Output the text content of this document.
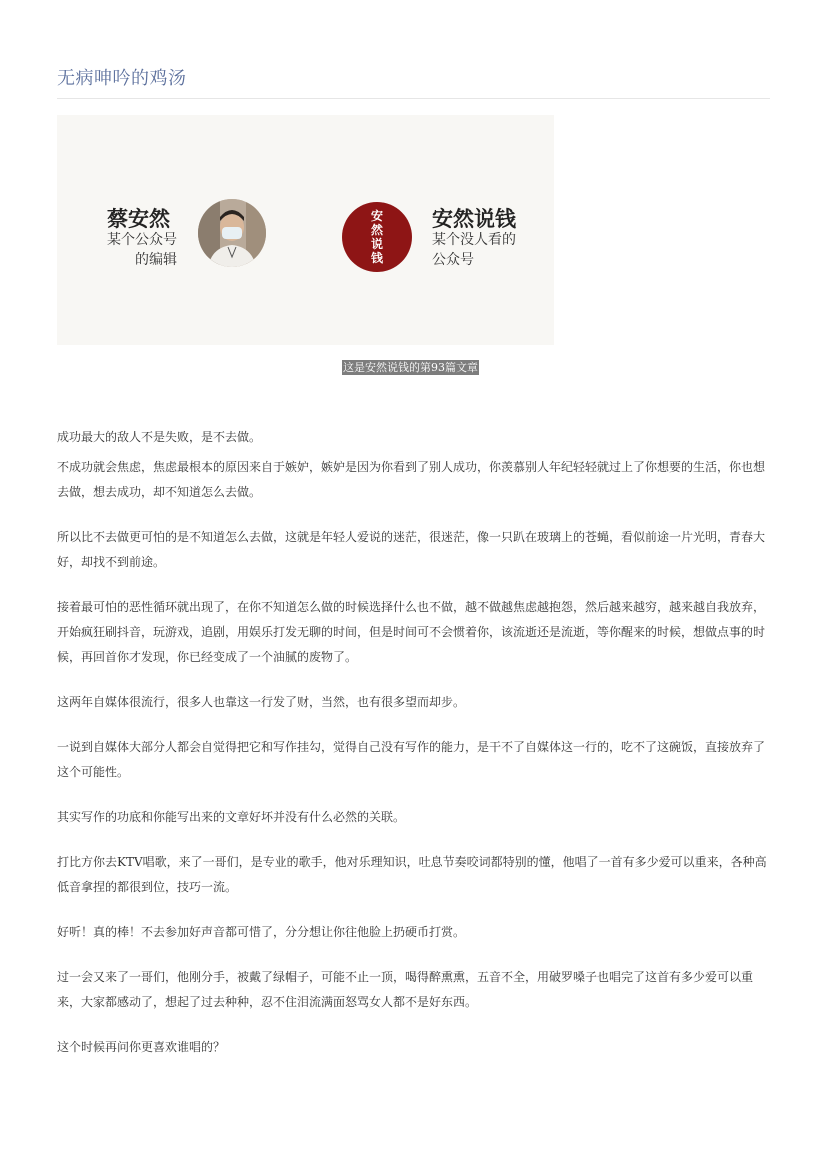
无病呻吟的鸡汤
蔡安然
某个公众号
的编辑
安
然
说
钱
安然说钱
某个没人看的
公众号
这是安然说钱的第93篇文章

成功最大的敌人不是失败，是不去做。

不成功就会焦虑，焦虑最根本的原因来自于嫉妒，嫉妒是因为你看到了别人成功，你羡慕别人年纪轻轻就过上了你想要的生活，你也想去做，想去成功，却不知道怎么去做。

所以比不去做更可怕的是不知道怎么去做，这就是年轻人爱说的迷茫，很迷茫，像一只趴在玻璃上的苍蝇，看似前途一片光明，青春大好，却找不到前途。

接着最可怕的恶性循环就出现了，在你不知道怎么做的时候选择什么也不做，越不做越焦虑越抱怨，然后越来越穷，越来越自我放弃，开始疯狂刷抖音，玩游戏，追剧，用娱乐打发无聊的时间，但是时间可不会惯着你，该流逝还是流逝，等你醒来的时候，想做点事的时候，再回首你才发现，你已经变成了一个油腻的废物了。

这两年自媒体很流行，很多人也靠这一行发了财，当然，也有很多望而却步。

一说到自媒体大部分人都会自觉得把它和写作挂勾，觉得自己没有写作的能力，是干不了自媒体这一行的，吃不了这碗饭，直接放弃了这个可能性。

其实写作的功底和你能写出来的文章好坏并没有什么必然的关联。

打比方你去KTV唱歌，来了一哥们，是专业的歌手，他对乐理知识，吐息节奏咬词都特别的懂，他唱了一首有多少爱可以重来，各种高低音拿捏的都很到位，技巧一流。

好听！真的棒！不去参加好声音都可惜了，分分想让你往他脸上扔硬币打赏。

过一会又来了一哥们，他刚分手，被戴了绿帽子，可能不止一顶，喝得醉熏熏，五音不全，用破罗嗓子也唱完了这首有多少爱可以重来，大家都感动了，想起了过去种种，忍不住泪流满面怒骂女人都不是好东西。

这个时候再问你更喜欢谁唱的？
